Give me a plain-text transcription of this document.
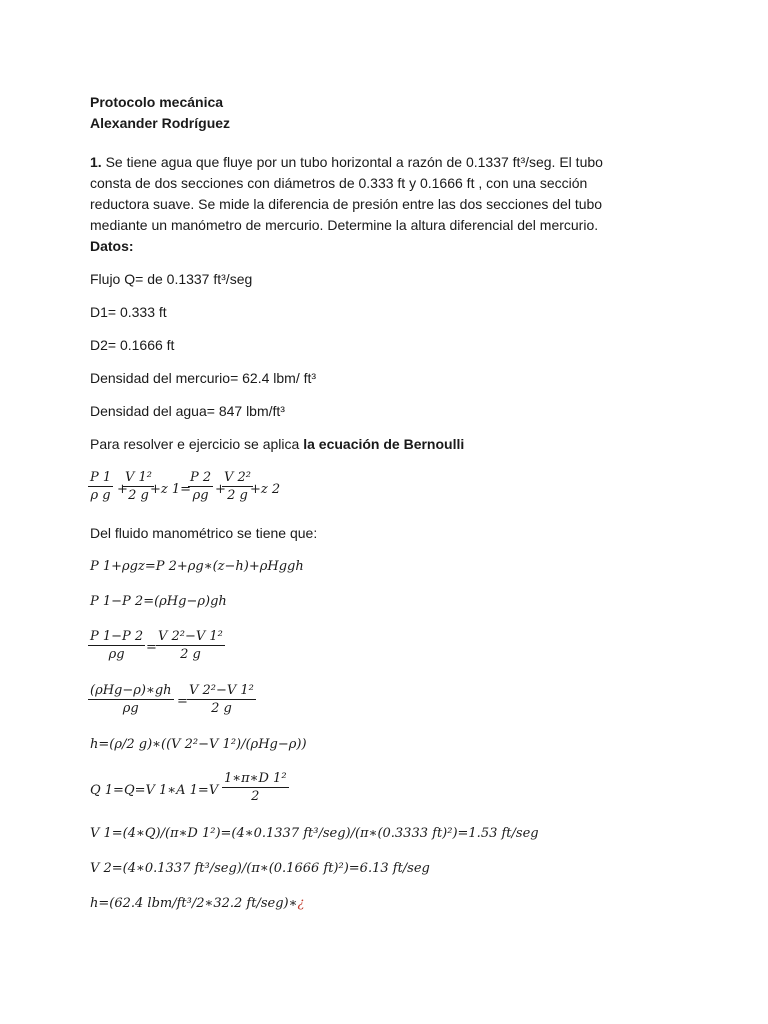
Protocolo mecánica
Alexander Rodríguez
1. Se tiene agua que fluye por un tubo horizontal a razón de 0.1337 ft³/seg. El tubo
consta de dos secciones con diámetros de 0.333 ft y 0.1666 ft , con una sección
reductora suave. Se mide la diferencia de presión entre las dos secciones del tubo
mediante un manómetro de mercurio. Determine la altura diferencial del mercurio.
Datos:
Flujo Q= de 0.1337 ft³/seg
D1= 0.333 ft
D2= 0.1666 ft
Densidad del mercurio= 62.4 lbm/ ft³
Densidad del agua= 847 lbm/ft³
Para resolver e ejercicio se aplica la ecuación de Bernoulli
$\frac{P 1}{\text{ρ g}}$ +
$\frac{\text{V 1²}}{2 g}$
+z 1=
$\frac{P 2}{\rho g}$ +
$\frac{\text{V 2²}}{2 g}$
+z 2
Del fluido manométrico se tiene que:
P 1+ρgz=P 2+ρg∗(z−h)+ρHggh
P 1−P 2=(ρHg−ρ)gh
$\frac{P 1-P 2}{\rho g} = \frac{\text{V 2²−V 1²}}{2 g}$
(ρHg−ρ)∗gh
ρg	= $\frac{\text{V 2²−V 1²}}{2 g}$
h=(ρ/2 g)∗((V 2²−V 1²)/(ρHg−ρ))
Q 1=Q=V 1∗A $1=V \frac{\text{1∗π∗D 1²}}{2}$
V 1=(4∗Q)/(π∗D 1²)=(4∗0.1337 ft³/seg)/(π∗(0.3333 ft)²)=1.53 ft/seg
V 2=(4∗0.1337 ft³/seg)/(π∗(0.1666 ft)²)=6.13 ft/seg
h=(62.4 lbm/ft³/2∗32.2 ft/seg)∗¿
